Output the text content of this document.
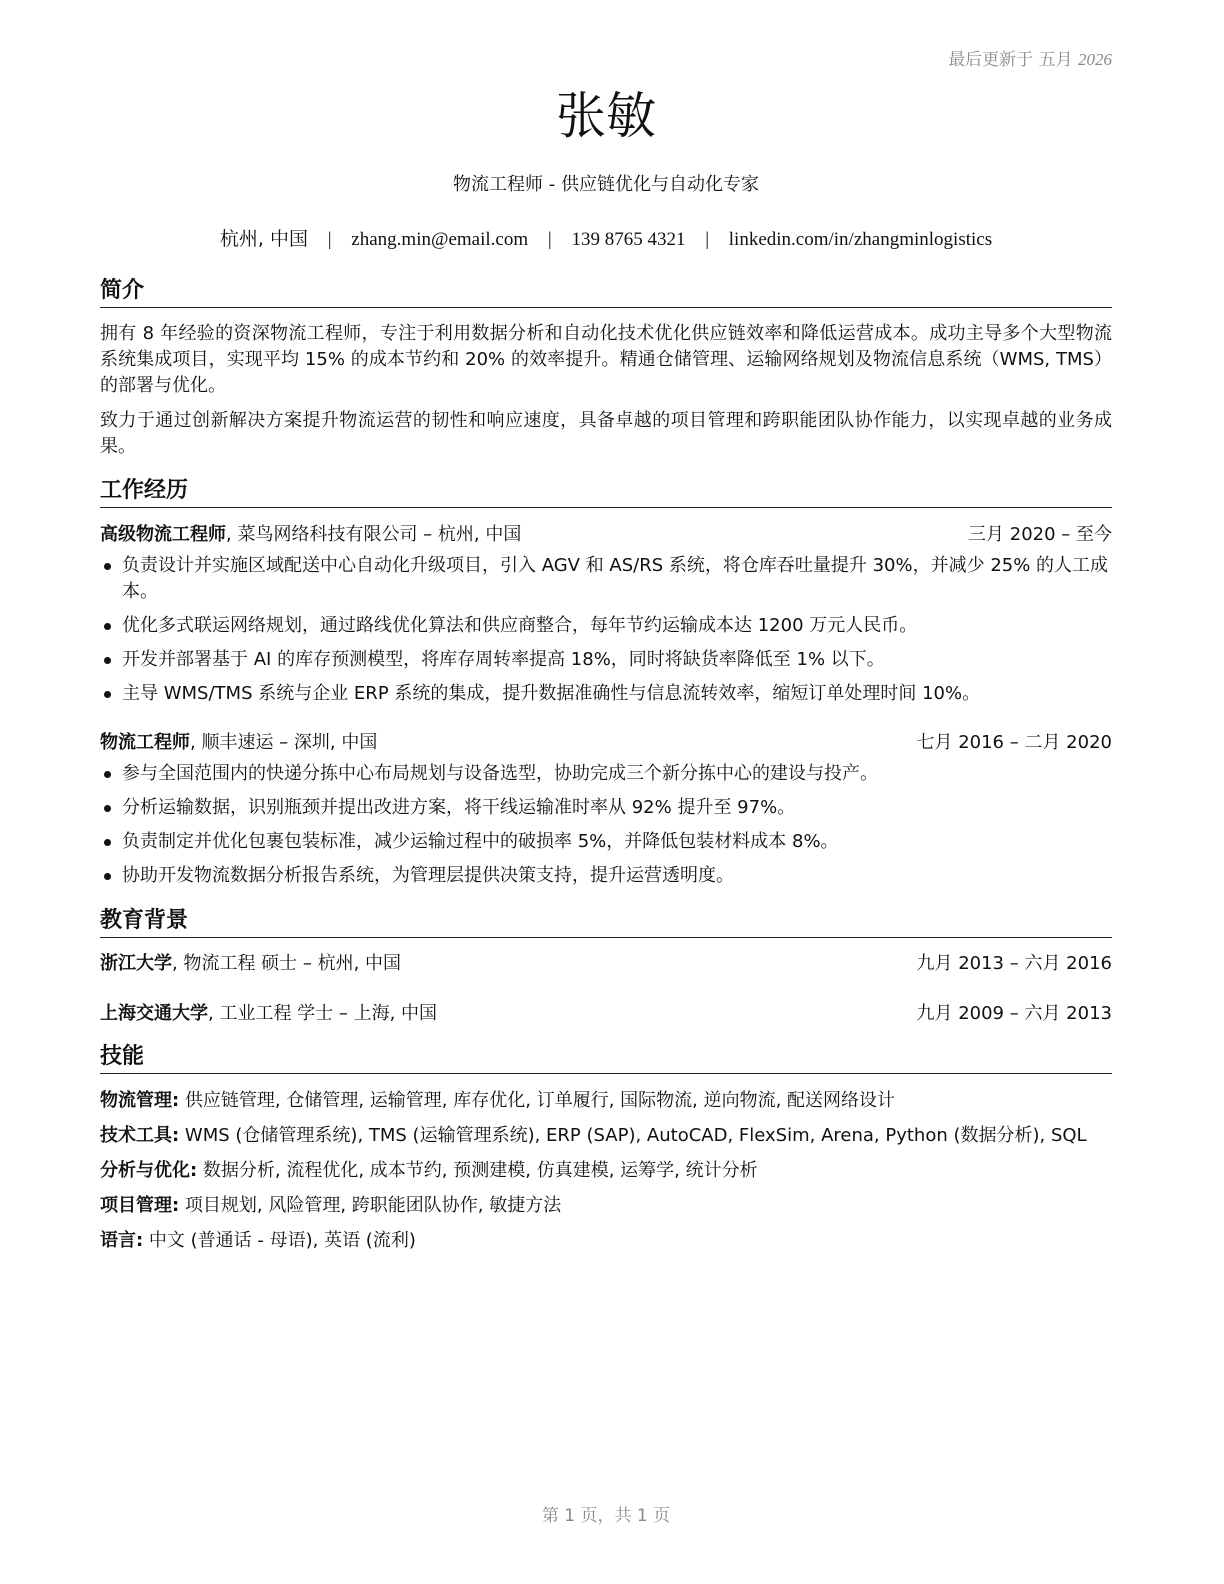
最后更新于 五月 2026
张敏
物流工程师 - 供应链优化与自动化专家
杭州, 中国 | zhang.min@email.com | 139 8765 4321 | linkedin.com/in/zhangminlogistics
简介
拥有 8 年经验的资深物流工程师，专注于利用数据分析和自动化技术优化供应链效率和降低运营成本。成功主导多个大型物流系统集成项目，实现平均 15% 的成本节约和 20% 的效率提升。精通仓储管理、运输网络规划及物流信息系统（WMS, TMS）的部署与优化。
致力于通过创新解决方案提升物流运营的韧性和响应速度，具备卓越的项目管理和跨职能团队协作能力，以实现卓越的业务成果。
工作经历
高级物流工程师, 菜鸟网络科技有限公司 – 杭州, 中国	三月 2020 – 至今
负责设计并实施区域配送中心自动化升级项目，引入 AGV 和 AS/RS 系统，将仓库吞吐量提升 30%，并减少 25% 的人工成本。
优化多式联运网络规划，通过路线优化算法和供应商整合，每年节约运输成本达 1200 万元人民币。
开发并部署基于 AI 的库存预测模型，将库存周转率提高 18%，同时将缺货率降低至 1% 以下。
主导 WMS/TMS 系统与企业 ERP 系统的集成，提升数据准确性与信息流转效率，缩短订单处理时间 10%。
物流工程师, 顺丰速运 – 深圳, 中国	七月 2016 – 二月 2020
参与全国范围内的快递分拣中心布局规划与设备选型，协助完成三个新分拣中心的建设与投产。
分析运输数据，识别瓶颈并提出改进方案，将干线运输准时率从 92% 提升至 97%。
负责制定并优化包裹包装标准，减少运输过程中的破损率 5%，并降低包装材料成本 8%。
协助开发物流数据分析报告系统，为管理层提供决策支持，提升运营透明度。
教育背景
浙江大学, 物流工程 硕士 – 杭州, 中国	九月 2013 – 六月 2016
上海交通大学, 工业工程 学士 – 上海, 中国	九月 2009 – 六月 2013
技能
物流管理: 供应链管理, 仓储管理, 运输管理, 库存优化, 订单履行, 国际物流, 逆向物流, 配送网络设计
技术工具: WMS (仓储管理系统), TMS (运输管理系统), ERP (SAP), AutoCAD, FlexSim, Arena, Python (数据分析), SQL
分析与优化: 数据分析, 流程优化, 成本节约, 预测建模, 仿真建模, 运筹学, 统计分析
项目管理: 项目规划, 风险管理, 跨职能团队协作, 敏捷方法
语言: 中文 (普通话 - 母语), 英语 (流利)
第 1 页，共 1 页
